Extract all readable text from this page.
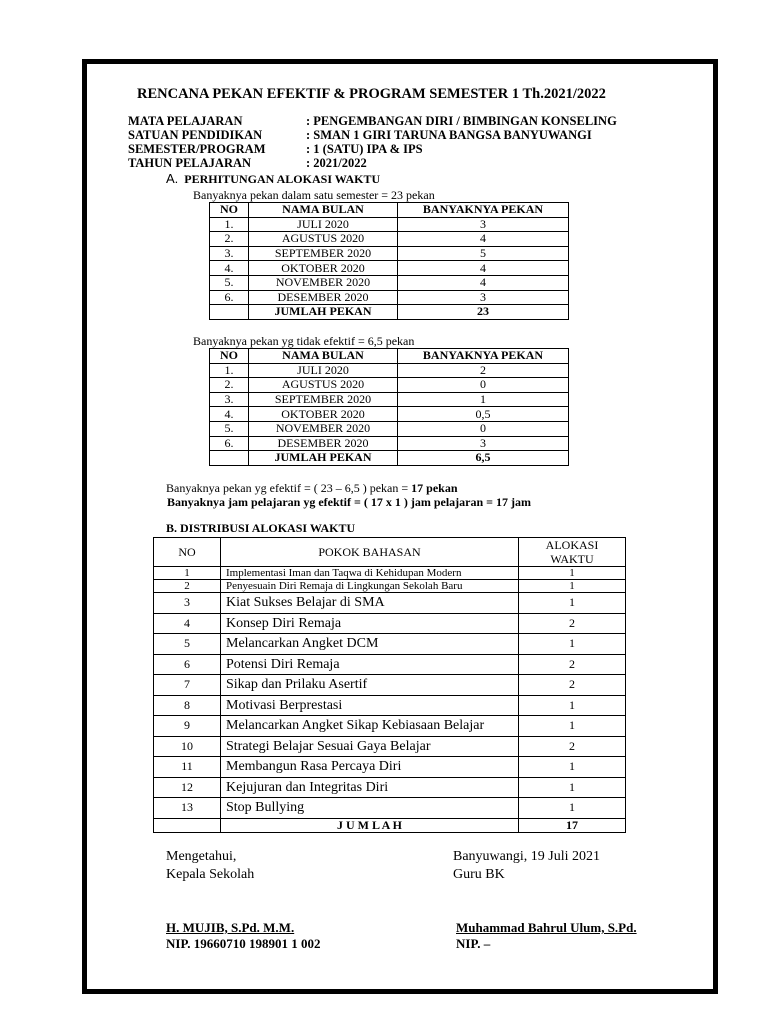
RENCANA PEKAN EFEKTIF & PROGRAM SEMESTER 1 Th.2021/2022
MATA PELAJARAN	: PENGEMBANGAN DIRI / BIMBINGAN KONSELING
SATUAN PENDIDIKAN	: SMAN 1 GIRI TARUNA BANGSA BANYUWANGI
SEMESTER/PROGRAM	: 1 (SATU) IPA & IPS
TAHUN PELAJARAN	: 2021/2022
A. PERHITUNGAN ALOKASI WAKTU
Banyaknya pekan dalam satu semester = 23 pekan
NO	NAMA BULAN	BANYAKNYA PEKAN
1.	JULI 2020	3
2.	AGUSTUS 2020	4
3.	SEPTEMBER 2020	5
4.	OKTOBER 2020	4
5.	NOVEMBER 2020	4
6.	DESEMBER 2020	3
	JUMLAH PEKAN	23
Banyaknya pekan yg tidak efektif = 6,5 pekan
NO	NAMA BULAN	BANYAKNYA PEKAN
1.	JULI 2020	2
2.	AGUSTUS 2020	0
3.	SEPTEMBER 2020	1
4.	OKTOBER 2020	0,5
5.	NOVEMBER 2020	0
6.	DESEMBER 2020	3
	JUMLAH PEKAN	6,5
Banyaknya pekan yg efektif = ( 23 – 6,5 ) pekan = 17 pekan
Banyaknya jam pelajaran yg efektif = ( 17 x 1 ) jam pelajaran = 17 jam
B. DISTRIBUSI ALOKASI WAKTU
NO	POKOK BAHASAN	ALOKASI WAKTU

1	Implementasi Iman dan Taqwa di Kehidupan Modern	1
2	Penyesuain Diri Remaja di Lingkungan Sekolah Baru	1
3	Kiat Sukses Belajar di SMA	1
4	Konsep Diri Remaja	2
5	Melancarkan Angket DCM	1
6	Potensi Diri Remaja	2
7	Sikap dan Prilaku Asertif	2
8	Motivasi Berprestasi	1
9	Melancarkan Angket Sikap Kebiasaan Belajar	1
10	Strategi Belajar Sesuai Gaya Belajar	2
11	Membangun Rasa Percaya Diri	1
12	Kejujuran dan Integritas Diri	1
13	Stop Bullying	1
	J U M L A H	17
Mengetahui,
Kepala Sekolah
Banyuwangi, 19 Juli 2021
Guru BK
H. MUJIB, S.Pd. M.M.
NIP. 19660710 198901 1 002
Muhammad Bahrul Ulum, S.Pd.
NIP. –
